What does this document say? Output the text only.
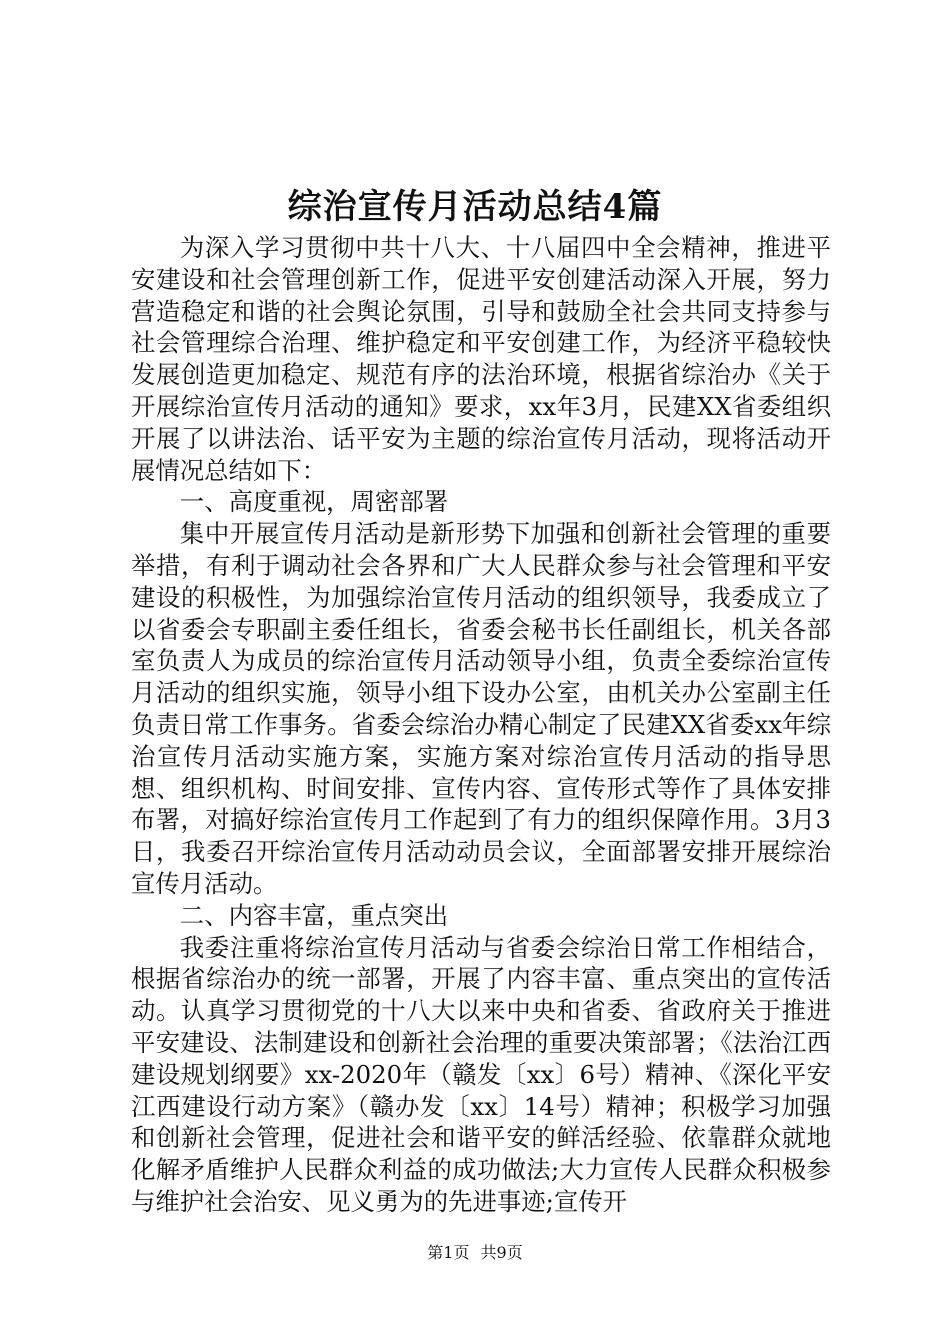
综治宣传月活动总结4篇

为深入学习贯彻中共十八大、十八届四中全会精神，推进平安建设和社会管理创新工作，促进平安创建活动深入开展，努力营造稳定和谐的社会舆论氛围，引导和鼓励全社会共同支持参与社会管理综合治理、维护稳定和平安创建工作，为经济平稳较快发展创造更加稳定、规范有序的法治环境，根据省综治办《关于开展综治宣传月活动的通知》要求，xx年3月，民建XX省委组织开展了以讲法治、话平安为主题的综治宣传月活动，现将活动开展情况总结如下：

一、高度重视，周密部署

集中开展宣传月活动是新形势下加强和创新社会管理的重要举措，有利于调动社会各界和广大人民群众参与社会管理和平安建设的积极性，为加强综治宣传月活动的组织领导，我委成立了以省委会专职副主委任组长，省委会秘书长任副组长，机关各部室负责人为成员的综治宣传月活动领导小组，负责全委综治宣传月活动的组织实施，领导小组下设办公室，由机关办公室副主任负责日常工作事务。省委会综治办精心制定了民建XX省委xx年综治宣传月活动实施方案，实施方案对综治宣传月活动的指导思想、组织机构、时间安排、宣传内容、宣传形式等作了具体安排布署，对搞好综治宣传月工作起到了有力的组织保障作用。3月3日，我委召开综治宣传月活动动员会议，全面部署安排开展综治宣传月活动。

二、内容丰富，重点突出

我委注重将综治宣传月活动与省委会综治日常工作相结合，根据省综治办的统一部署，开展了内容丰富、重点突出的宣传活动。认真学习贯彻党的十八大以来中央和省委、省政府关于推进平安建设、法制建设和创新社会治理的重要决策部署；《法治江西建设规划纲要》xx-2020年（赣发〔xx〕6号）精神、《深化平安江西建设行动方案》（赣办发〔xx〕14号）精神；积极学习加强和创新社会管理，促进社会和谐平安的鲜活经验、依靠群众就地化解矛盾维护人民群众利益的成功做法;大力宣传人民群众积极参与维护社会治安、见义勇为的先进事迹;宣传开

第1页 共9页
